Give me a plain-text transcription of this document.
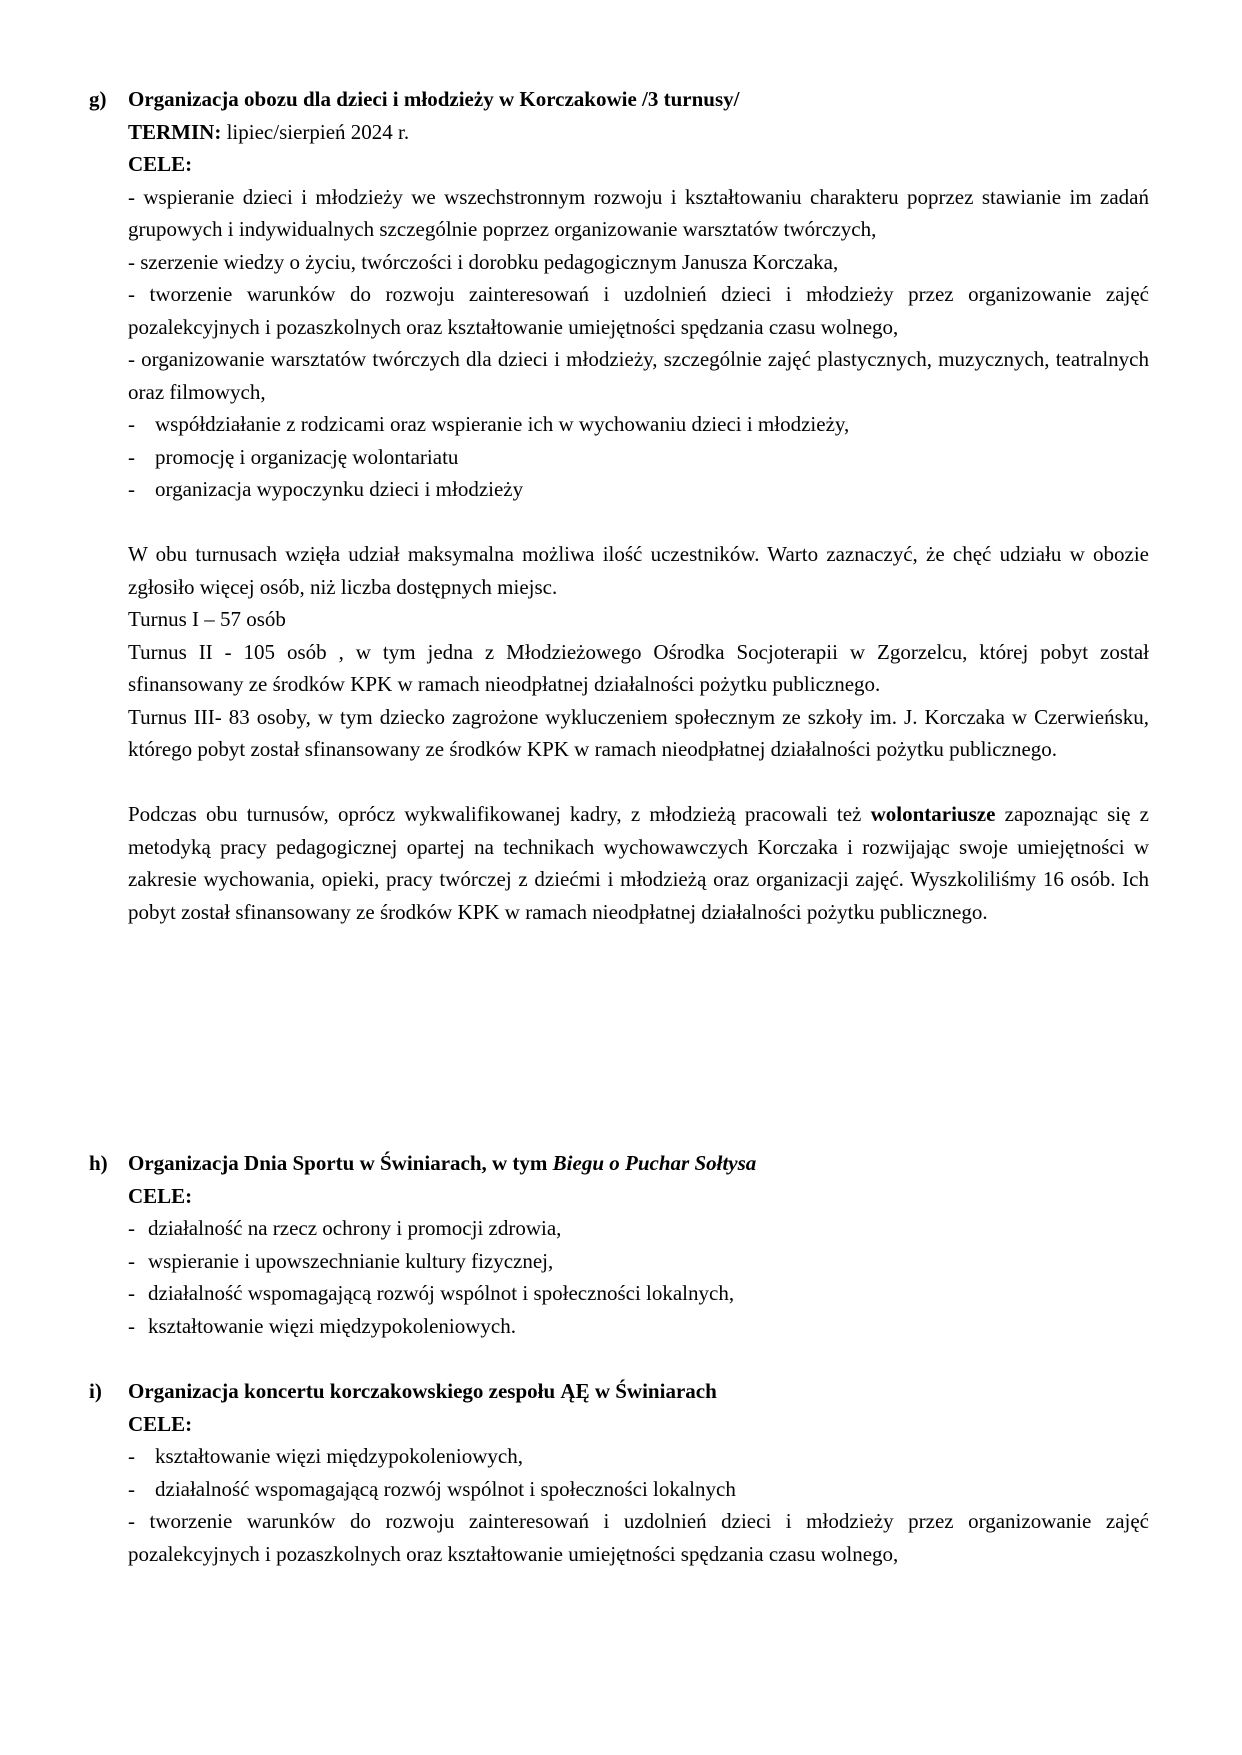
g) Organizacja obozu dla dzieci i młodzieży w Korczakowie /3 turnusy/
TERMIN: lipiec/sierpień 2024 r.
CELE:

- wspieranie dzieci i młodzieży we wszechstronnym rozwoju i kształtowaniu charakteru poprzez stawianie im zadań grupowych i indywidualnych szczególnie poprzez organizowanie warsztatów twórczych,

- szerzenie wiedzy o życiu, twórczości i dorobku pedagogicznym Janusza Korczaka,

- tworzenie warunków do rozwoju zainteresowań i uzdolnień dzieci i młodzieży przez organizowanie zajęć pozalekcyjnych i pozaszkolnych oraz kształtowanie umiejętności spędzania czasu wolnego,

- organizowanie warsztatów twórczych dla dzieci i młodzieży, szczególnie zajęć plastycznych, muzycznych, teatralnych oraz filmowych,

- współdziałanie z rodzicami oraz wspieranie ich w wychowaniu dzieci i młodzieży,
- promocję i organizację wolontariatu
- organizacja wypoczynku dzieci i młodzieży

W obu turnusach wzięła udział maksymalna możliwa ilość uczestników. Warto zaznaczyć, że chęć udziału w obozie zgłosiło więcej osób, niż liczba dostępnych miejsc.

Turnus I – 57 osób

Turnus II - 105 osób , w tym jedna z Młodzieżowego Ośrodka Socjoterapii w Zgorzelcu, której pobyt został sfinansowany ze środków KPK w ramach nieodpłatnej działalności pożytku publicznego.

Turnus III- 83 osoby, w tym dziecko zagrożone wykluczeniem społecznym ze szkoły im. J. Korczaka w Czerwieńsku, którego pobyt został sfinansowany ze środków KPK w ramach nieodpłatnej działalności pożytku publicznego.

Podczas obu turnusów, oprócz wykwalifikowanej kadry, z młodzieżą pracowali też wolontariusze zapoznając się z metodyką pracy pedagogicznej opartej na technikach wychowawczych Korczaka i rozwijając swoje umiejętności w zakresie wychowania, opieki, pracy twórczej z dziećmi i młodzieżą oraz organizacji zajęć. Wyszkoliliśmy 16 osób. Ich pobyt został sfinansowany ze środków KPK w ramach nieodpłatnej działalności pożytku publicznego.

h) Organizacja Dnia Sportu w Świniarach, w tym Biegu o Puchar Sołtysa
CELE:
- działalność na rzecz ochrony i promocji zdrowia,
- wspieranie i upowszechnianie kultury fizycznej,
- działalność wspomagającą rozwój wspólnot i społeczności lokalnych,
- kształtowanie więzi międzypokoleniowych.
i) Organizacja koncertu korczakowskiego zespołu ĄĘ w Świniarach
CELE:
- kształtowanie więzi międzypokoleniowych,
- działalność wspomagającą rozwój wspólnot i społeczności lokalnych

- tworzenie warunków do rozwoju zainteresowań i uzdolnień dzieci i młodzieży przez organizowanie zajęć pozalekcyjnych i pozaszkolnych oraz kształtowanie umiejętności spędzania czasu wolnego,
